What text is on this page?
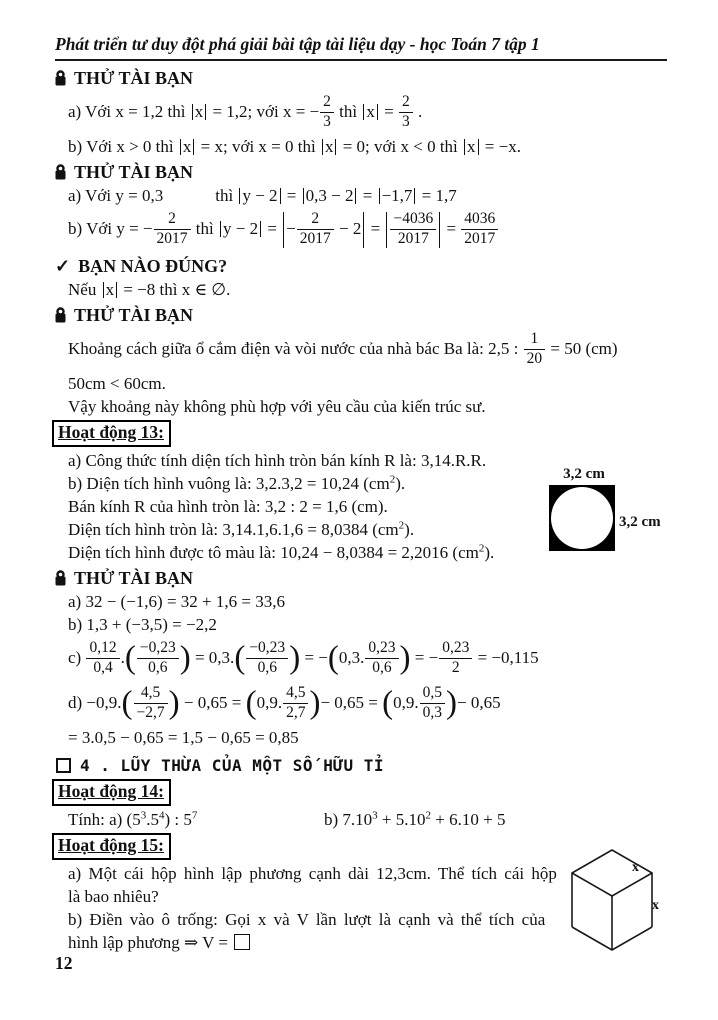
Phát triển tư duy đột phá giải bài tập tài liệu dạy - học Toán 7 tập 1
THỬ TÀI BẠN
a) Với x = 1,2 thì x = 1,2; với x = − $\frac{2}{3}$ thì $x = \frac{2}{3}$ .
b) Với x > 0 thì x = x; với x = 0 thì x = 0; với x < 0 thì x = −x.
THỬ TÀI BẠN
a) Với y = 0,3	thì y − 2 = 0,3 − 2 = −1,7 = 1,7
b) Với y = − $\frac{2}{2017}$ thì y − 2 = − $\frac{2}{2017} - 2 = \frac{-4036}{2017} = \frac{4036}{2017}$
✓ BẠN NÀO ĐÚNG?
Nếu x = −8 thì x ∈ ∅.
THỬ TÀI BẠN
Khoảng cách giữa ổ cắm điện và vòi nước của nhà bác Ba là: 2,5 : $\frac{1}{20} = 50$ (cm)
50cm < 60cm.
Vậy khoảng này không phù hợp với yêu cầu của kiến trúc sư.
Hoạt động 13:
a) Công thức tính diện tích hình tròn bán kính R là: 3,14.R.R.
b) Diện tích hình vuông là: 3,2.3,2 = 10,24 $(cm^2)$.
Bán kính R của hình tròn là: 3,2 : 2 = 1,6 (cm).
Diện tích hình tròn là: 3,14.1,6.1,6 = 8,0384 $(cm^2)$.
Diện tích hình được tô màu là: 10,24 − 8,0384 = 2,2016 $(cm^2)$.
THỬ TÀI BẠN
a) 32 − (−1,6) = 32 + 1,6 = 33,6
b) 1,3 + (−3,5) = −2,2
$c) \frac{0,12}{0,4}$ .( $\frac{-0,23}{0,6}$ ) = $0,3.( \frac{-0,23}{0,6}$ ) = −(0,3. $\frac{0,23}{0,6}$ ) = − $\frac{0,23}{2} = -0,115$
$d) -0,9.( \frac{4,5}{-2,7}$ ) − 0,65 = (0,9. $\frac{4,5}{2,7}$ )− 0,65 = (0,9. $\frac{0,5}{0,3}$ )− 0,65
= 3.0,5 − 0,65 = 1,5 − 0,65 = 0,85
4 . LŨY THỪA CỦA MỘT SỐ HỮU TỈ
Hoạt động 14:
Tính: a) $(5^3.5^4)$ : $5^7$	b) $7.10^3 + 5.10^2 + 6.10 + 5$
Hoạt động 15:
a) Một cái hộp hình lập phương cạnh dài 12,3cm. Thể tích cái hộp
là bao nhiêu?
b) Điền vào ô trống: Gọi x và V lần lượt là cạnh và thể tích của
hình lập phương ⇒ V =
3,2 cm
3,2 cm
x
x
12
